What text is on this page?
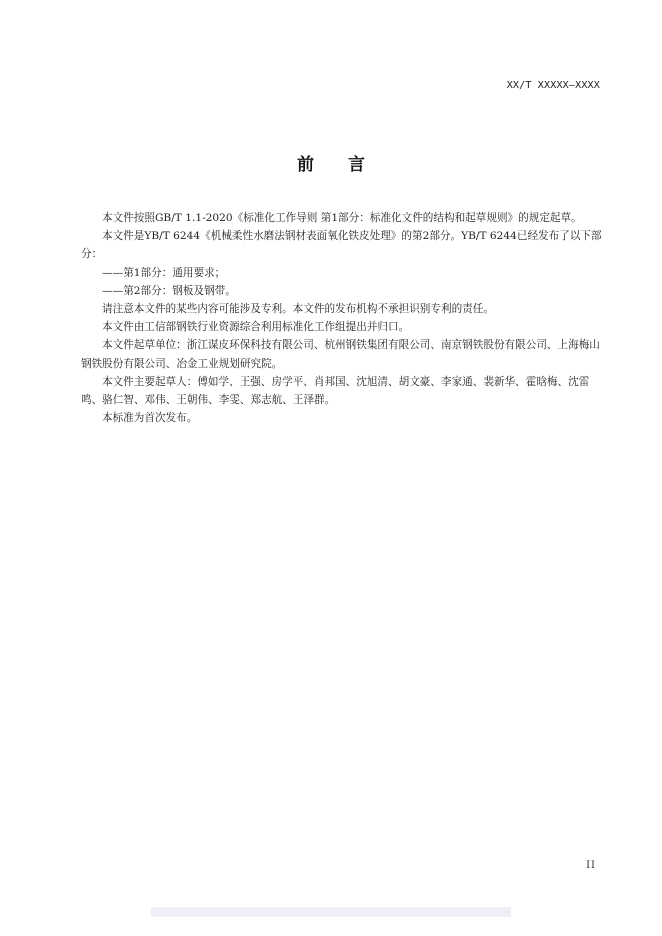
XX/T XXXXX—XXXX
前 言

本文件按照GB/T 1.1-2020《标准化工作导则 第1部分：标准化文件的结构和起草规则》的规定起草。

本文件是YB/T 6244《机械柔性水磨法钢材表面氧化铁皮处理》的第2部分。YB/T 6244已经发布了以下部分：

——第1部分：通用要求；

——第2部分：钢板及钢带。

请注意本文件的某些内容可能涉及专利。本文件的发布机构不承担识别专利的责任。

本文件由工信部钢铁行业资源综合利用标准化工作组提出并归口。

本文件起草单位：浙江谋皮环保科技有限公司、杭州钢铁集团有限公司、南京钢铁股份有限公司、上海梅山钢铁股份有限公司、冶金工业规划研究院。

本文件主要起草人：傅如学、王强、房学平、肖邦国、沈旭清、胡文豪、李家通、裴新华、霍晗梅、沈雷鸣、骆仁智、邓伟、王朝伟、李雯、郑志航、王泽群。

本标准为首次发布。

II
